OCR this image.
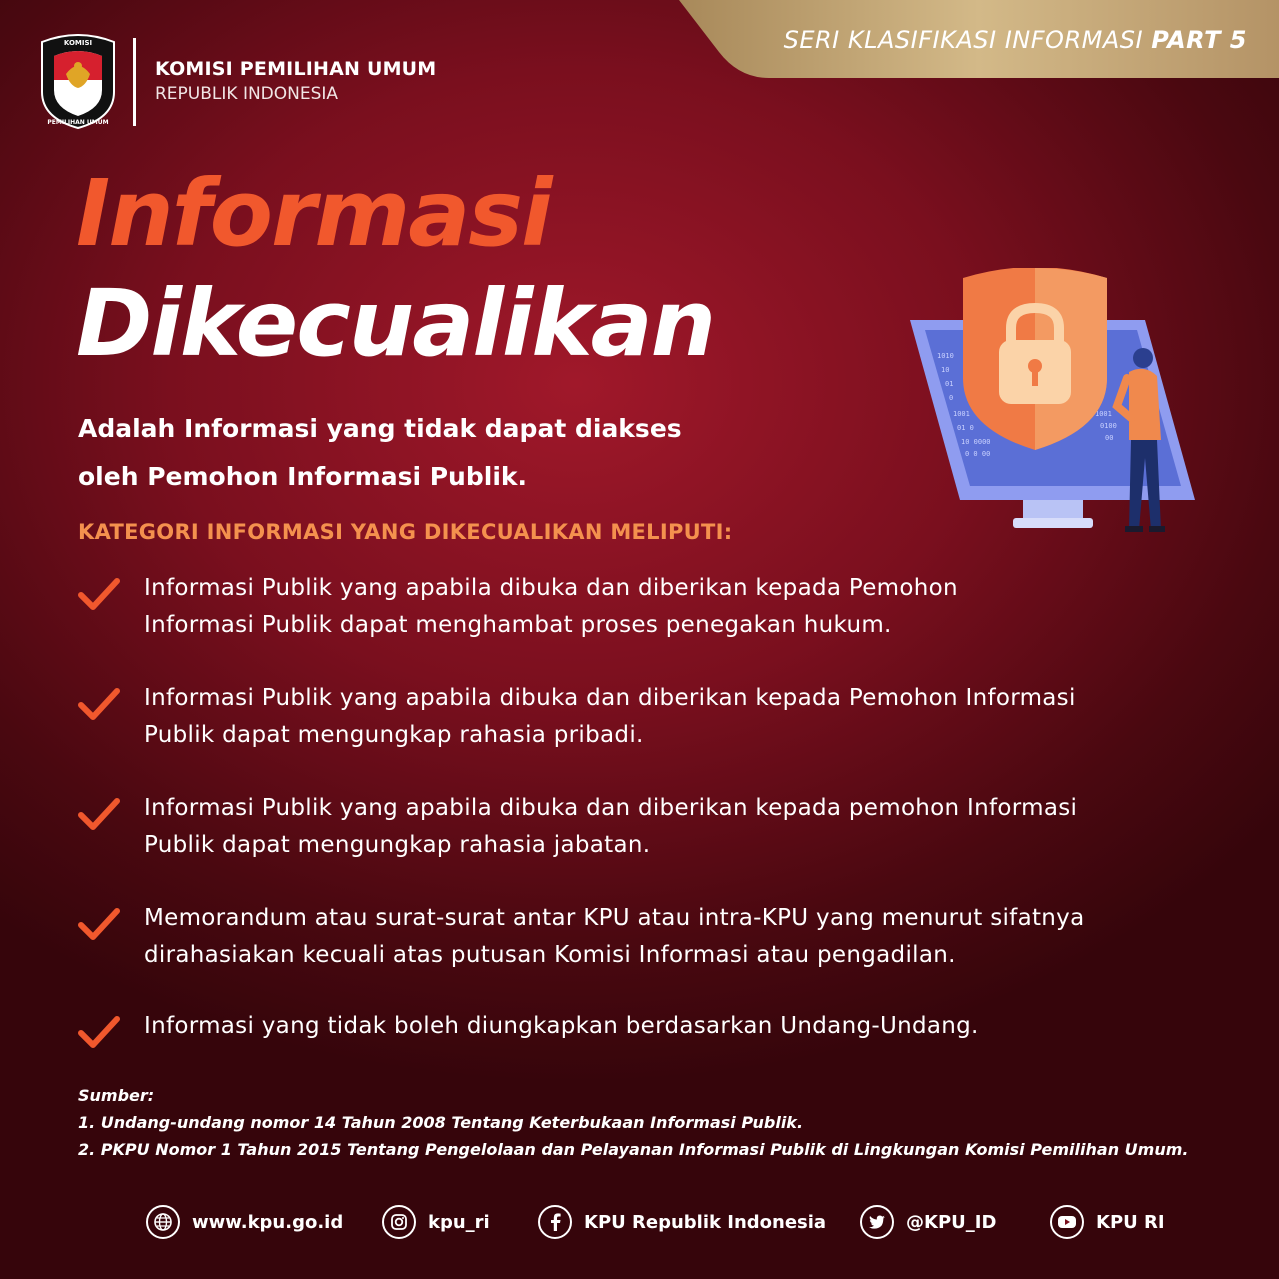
KOMISI
PEMILIHAN UMUM
KOMISI PEMILIHAN UMUM
REPUBLIK INDONESIA
SERI KLASIFIKASI INFORMASI PART 5
Informasi
Dikecualikan
Adalah Informasi yang tidak dapat diakses
oleh Pemohon Informasi Publik.
1010
10
01
0
1001
01 0
10 0000
0 0 00
1001
0100
00
KATEGORI INFORMASI YANG DIKECUALIKAN MELIPUTI:
Informasi Publik yang apabila dibuka dan diberikan kepada Pemohon
Informasi Publik dapat menghambat proses penegakan hukum.
Informasi Publik yang apabila dibuka dan diberikan kepada Pemohon Informasi
Publik dapat mengungkap rahasia pribadi.
Informasi Publik yang apabila dibuka dan diberikan kepada pemohon Informasi
Publik dapat mengungkap rahasia jabatan.
Memorandum atau surat-surat antar KPU atau intra-KPU yang menurut sifatnya
dirahasiakan kecuali atas putusan Komisi Informasi atau pengadilan.
Informasi yang tidak boleh diungkapkan berdasarkan Undang-Undang.
Sumber:
1. Undang-undang nomor 14 Tahun 2008 Tentang Keterbukaan Informasi Publik.
2. PKPU Nomor 1 Tahun 2015 Tentang Pengelolaan dan Pelayanan Informasi Publik di Lingkungan Komisi Pemilihan Umum.
www.kpu.go.id	kpu_ri	KPU Republik Indonesia	@KPU_ID	KPU RI
